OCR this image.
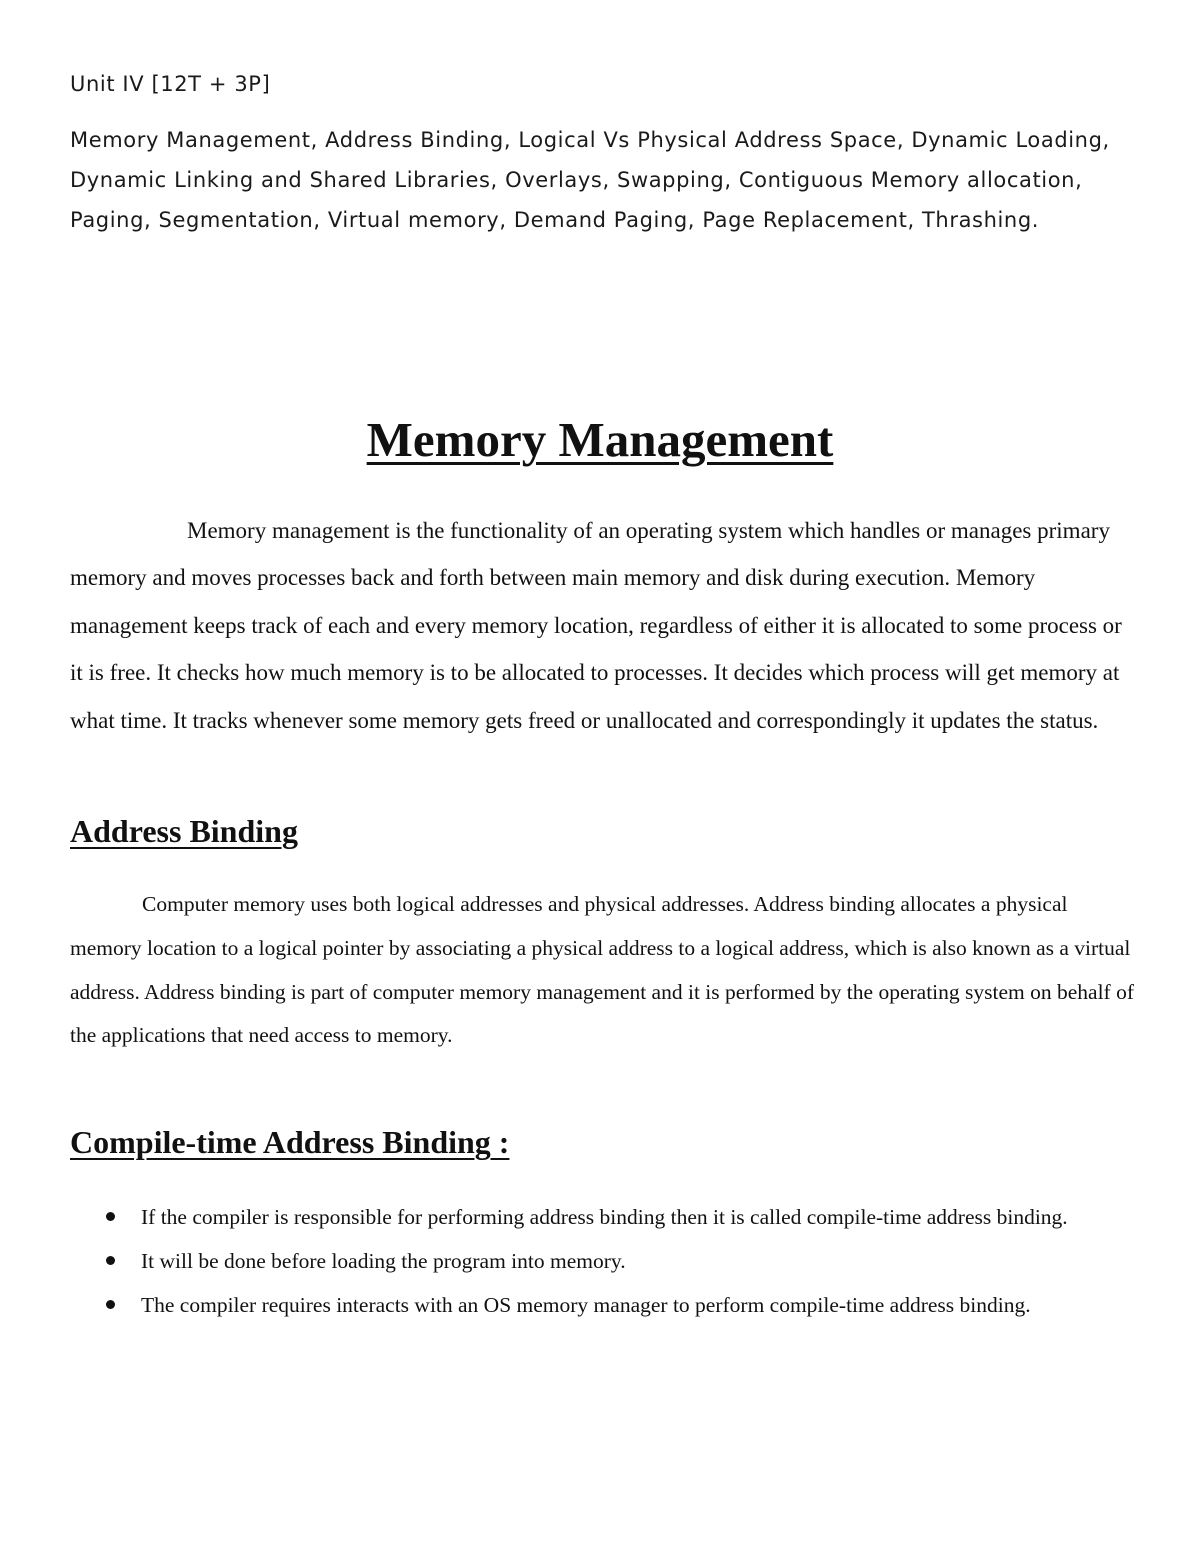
Unit IV [12T + 3P]

Memory Management, Address Binding, Logical Vs Physical Address Space, Dynamic Loading, Dynamic Linking and Shared Libraries, Overlays, Swapping, Contiguous Memory allocation, Paging, Segmentation, Virtual memory, Demand Paging, Page Replacement, Thrashing.

Memory Management

Memory management is the functionality of an operating system which handles or manages primary memory and moves processes back and forth between main memory and disk during execution. Memory management keeps track of each and every memory location, regardless of either it is allocated to some process or it is free. It checks how much memory is to be allocated to processes. It decides which process will get memory at what time. It tracks whenever some memory gets freed or unallocated and correspondingly it updates the status.

Address Binding

Computer memory uses both logical addresses and physical addresses. Address binding allocates a physical memory location to a logical pointer by associating a physical address to a logical address, which is also known as a virtual address. Address binding is part of computer memory management and it is performed by the operating system on behalf of the applications that need access to memory.

Compile-time Address Binding :
If the compiler is responsible for performing address binding then it is called compile-time address binding.
It will be done before loading the program into memory.
The compiler requires interacts with an OS memory manager to perform compile-time address binding.
